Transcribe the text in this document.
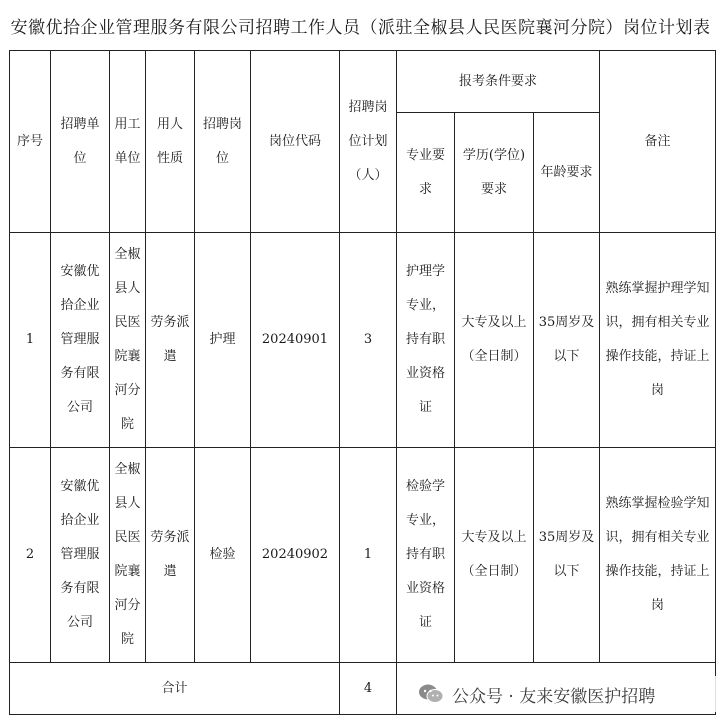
安徽优拾企业管理服务有限公司招聘工作人员（派驻全椒县人民医院襄河分院）岗位计划表
序号	招聘单位	用工单位	用人性质	招聘岗位	岗位代码	招聘岗位计划（人）	报考条件要求			备注
							专业要求	学历(学位)要求	年龄要求	
1	安徽优拾企业管理服务有限公司	全椒县人民医院襄河分院	劳务派遣	护理	20240901	3	护理学专业，持有职业资格证	大专及以上（全日制）	35周岁及以下	熟练掌握护理学知识，拥有相关专业操作技能，持证上岗
2	安徽优拾企业管理服务有限公司	全椒县人民医院襄河分院	劳务派遣	检验	20240902	1	检验学专业，持有职业资格证	大专及以上（全日制）	35周岁及以下	熟练掌握检验学知识，拥有相关专业操作技能，持证上岗
合计						4					公众号 · 友来安徽医护招聘
